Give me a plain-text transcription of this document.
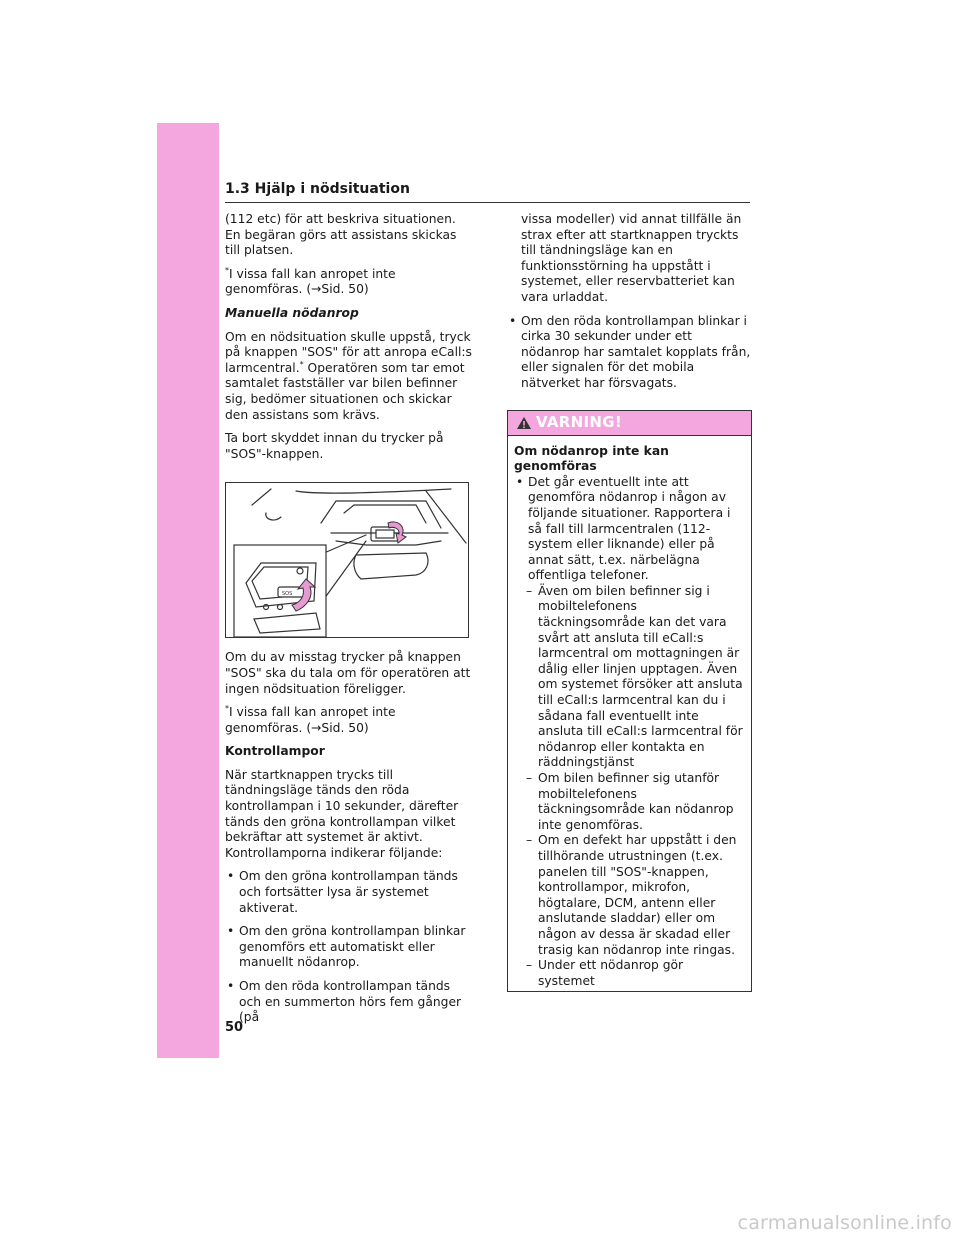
1.3 Hjälp i nödsituation

(112 etc) för att beskriva situationen. En begäran görs att assistans skickas till platsen.

*I vissa fall kan anropet inte genomföras. (→Sid. 50)

Manuella nödanrop

Om en nödsituation skulle uppstå, tryck på knappen "SOS" för att anropa eCall:s larmcentral.* Operatören som tar emot samtalet fastställer var bilen befinner sig, bedömer situationen och skickar den assistans som krävs.

Ta bort skyddet innan du trycker på "SOS"-knappen.

SOS

Om du av misstag trycker på knappen "SOS" ska du tala om för operatören att ingen nödsituation föreligger.

*I vissa fall kan anropet inte genomföras. (→Sid. 50)

Kontrollampor

När startknappen trycks till tändningsläge tänds den röda kontrollampan i 10 sekunder, därefter tänds den gröna kontrollampan vilket bekräftar att systemet är aktivt. Kontrollamporna indikerar följande:

• Om den gröna kontrollampan tänds och fortsätter lysa är systemet aktiverat.
• Om den gröna kontrollampan blinkar genomförs ett automatiskt eller manuellt nödanrop.
• Om den röda kontrollampan tänds och en summerton hörs fem gånger (på

vissa modeller) vid annat tillfälle än strax efter att startknappen tryckts till tändningsläge kan en funktionsstörning ha uppstått i systemet, eller reservbatteriet kan vara urladdat.

• Om den röda kontrollampan blinkar i cirka 30 sekunder under ett nödanrop har samtalet kopplats från, eller signalen för det mobila nätverket har försvagats.
VARNING!
Om nödanrop inte kan genomföras
• Det går eventuellt inte att genomföra nödanrop i någon av följande situationer. Rapportera i så fall till larmcentralen (112-system eller liknande) eller på annat sätt, t.ex. närbelägna offentliga telefoner.
– Även om bilen befinner sig i mobiltelefonens täckningsområde kan det vara svårt att ansluta till eCall:s larmcentral om mottagningen är dålig eller linjen upptagen. Även om systemet försöker att ansluta till eCall:s larmcentral kan du i sådana fall eventuellt inte ansluta till eCall:s larmcentral för nödanrop eller kontakta en räddningstjänst
– Om bilen befinner sig utanför mobiltelefonens täckningsområde kan nödanrop inte genomföras.
– Om en defekt har uppstått i den tillhörande utrustningen (t.ex. panelen till "SOS"-knappen, kontrollampor, mikrofon, högtalare, DCM, antenn eller anslutande sladdar) eller om någon av dessa är skadad eller trasig kan nödanrop inte ringas.
– Under ett nödanrop gör systemet
50
carmanualsonline.info
